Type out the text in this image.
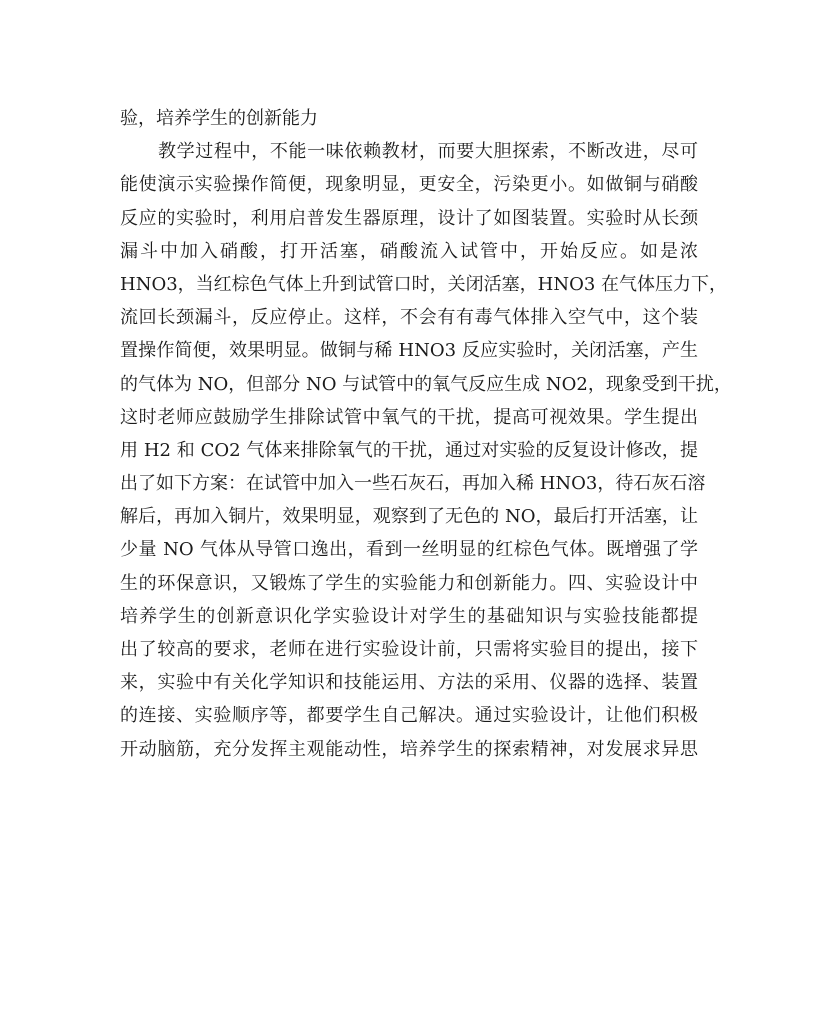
验，培养学生的创新能力
教学过程中，不能一味依赖教材，而要大胆探索，不断改进，尽可
能使演示实验操作简便，现象明显，更安全，污染更小。如做铜与硝酸
反应的实验时，利用启普发生器原理，设计了如图装置。实验时从长颈
漏斗中加入硝酸，打开活塞，硝酸流入试管中，开始反应。如是浓
HNO3，当红棕色气体上升到试管口时，关闭活塞，HNO3 在气体压力下，
流回长颈漏斗，反应停止。这样，不会有有毒气体排入空气中，这个装
置操作简便，效果明显。做铜与稀 HNO3 反应实验时，关闭活塞，产生
的气体为 NO，但部分 NO 与试管中的氧气反应生成 NO2，现象受到干扰，
这时老师应鼓励学生排除试管中氧气的干扰，提高可视效果。学生提出
用 H2 和 CO2 气体来排除氧气的干扰，通过对实验的反复设计修改，提
出了如下方案：在试管中加入一些石灰石，再加入稀 HNO3，待石灰石溶
解后，再加入铜片，效果明显，观察到了无色的 NO，最后打开活塞，让
少量 NO 气体从导管口逸出，看到一丝明显的红棕色气体。既增强了学
生的环保意识，又锻炼了学生的实验能力和创新能力。四、实验设计中
培养学生的创新意识化学实验设计对学生的基础知识与实验技能都提
出了较高的要求，老师在进行实验设计前，只需将实验目的提出，接下
来，实验中有关化学知识和技能运用、方法的采用、仪器的选择、装置
的连接、实验顺序等，都要学生自己解决。通过实验设计，让他们积极
开动脑筋，充分发挥主观能动性，培养学生的探索精神，对发展求异思
